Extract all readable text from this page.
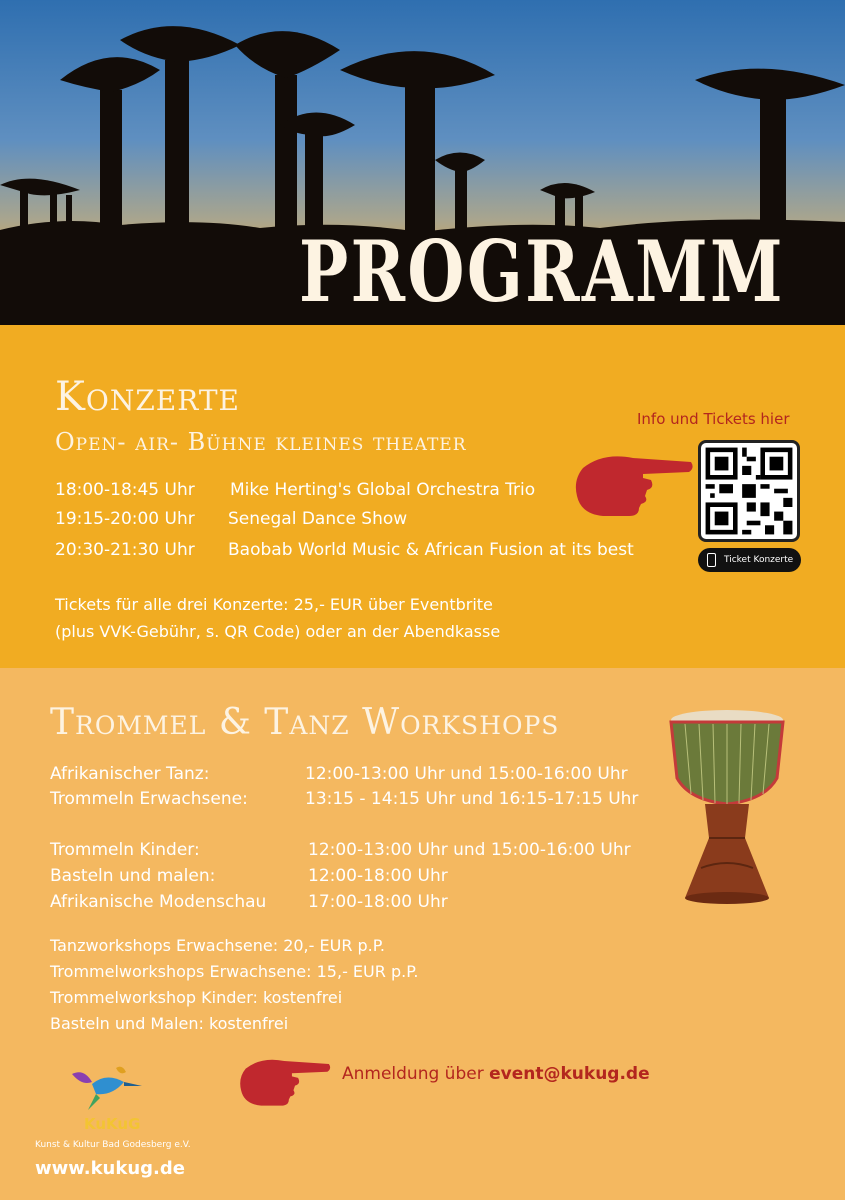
PROGRAMM
Konzerte
Open- air- Bühne kleines theater
18:00-18:45 Uhr Mike Herting's Global Orchestra Trio
19:15-20:00 Uhr Senegal Dance Show
20:30-21:30 Uhr Baobab World Music & African Fusion at its best
Tickets für alle drei Konzerte: 25,- EUR über Eventbrite
(plus VVK-Gebühr, s. QR Code) oder an der Abendkasse
Info und Tickets hier
Ticket Konzerte
Trommel & Tanz Workshops
Afrikanischer Tanz:	12:00-13:00 Uhr und 15:00-16:00 Uhr
Trommeln Erwachsene:	13:15 - 14:15 Uhr und 16:15-17:15 Uhr
Trommeln Kinder:	12:00-13:00 Uhr und 15:00-16:00 Uhr
Basteln und malen:	12:00-18:00 Uhr
Afrikanische Modenschau 17:00-18:00 Uhr
Tanzworkshops Erwachsene: 20,- EUR p.P.
Trommelworkshops Erwachsene: 15,- EUR p.P.
Trommelworkshop Kinder: kostenfrei
Basteln und Malen: kostenfrei
Anmeldung über event@kukug.de
KuKuG
Kunst & Kultur Bad Godesberg e.V.
www.kukug.de
